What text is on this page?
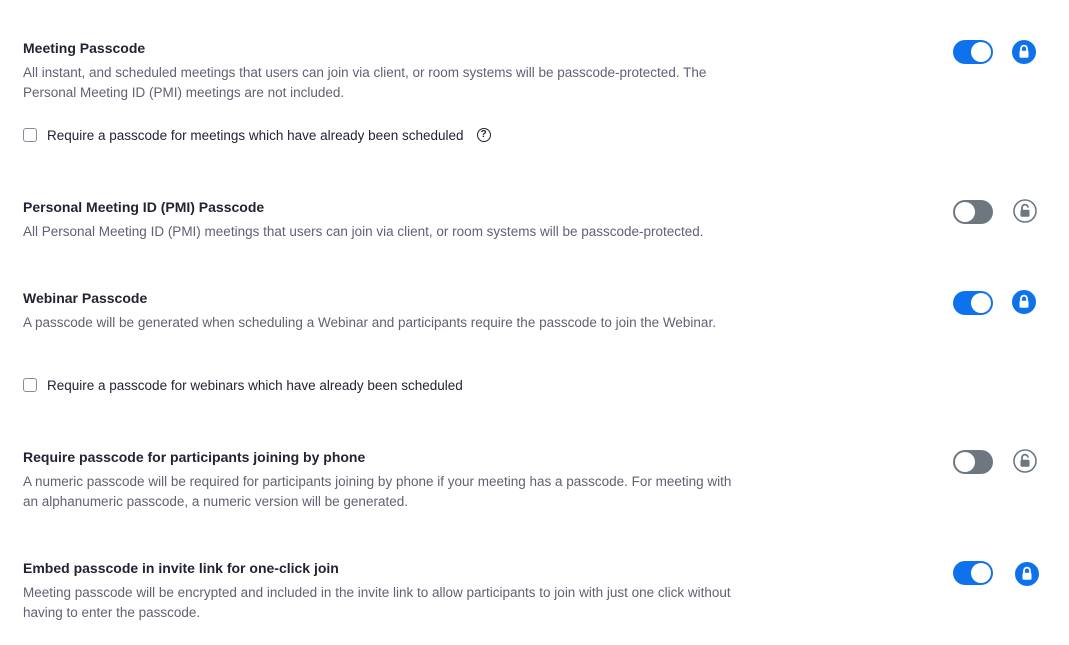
Meeting Passcode
All instant, and scheduled meetings that users can join via client, or room systems will be passcode-protected. The Personal Meeting ID (PMI) meetings are not included.
Require a passcode for meetings which have already been scheduled	?
Personal Meeting ID (PMI) Passcode
All Personal Meeting ID (PMI) meetings that users can join via client, or room systems will be passcode-protected.
Webinar Passcode
A passcode will be generated when scheduling a Webinar and participants require the passcode to join the Webinar.
Require a passcode for webinars which have already been scheduled
Require passcode for participants joining by phone
A numeric passcode will be required for participants joining by phone if your meeting has a passcode. For meeting with an alphanumeric passcode, a numeric version will be generated.
Embed passcode in invite link for one-click join
Meeting passcode will be encrypted and included in the invite link to allow participants to join with just one click without having to enter the passcode.
